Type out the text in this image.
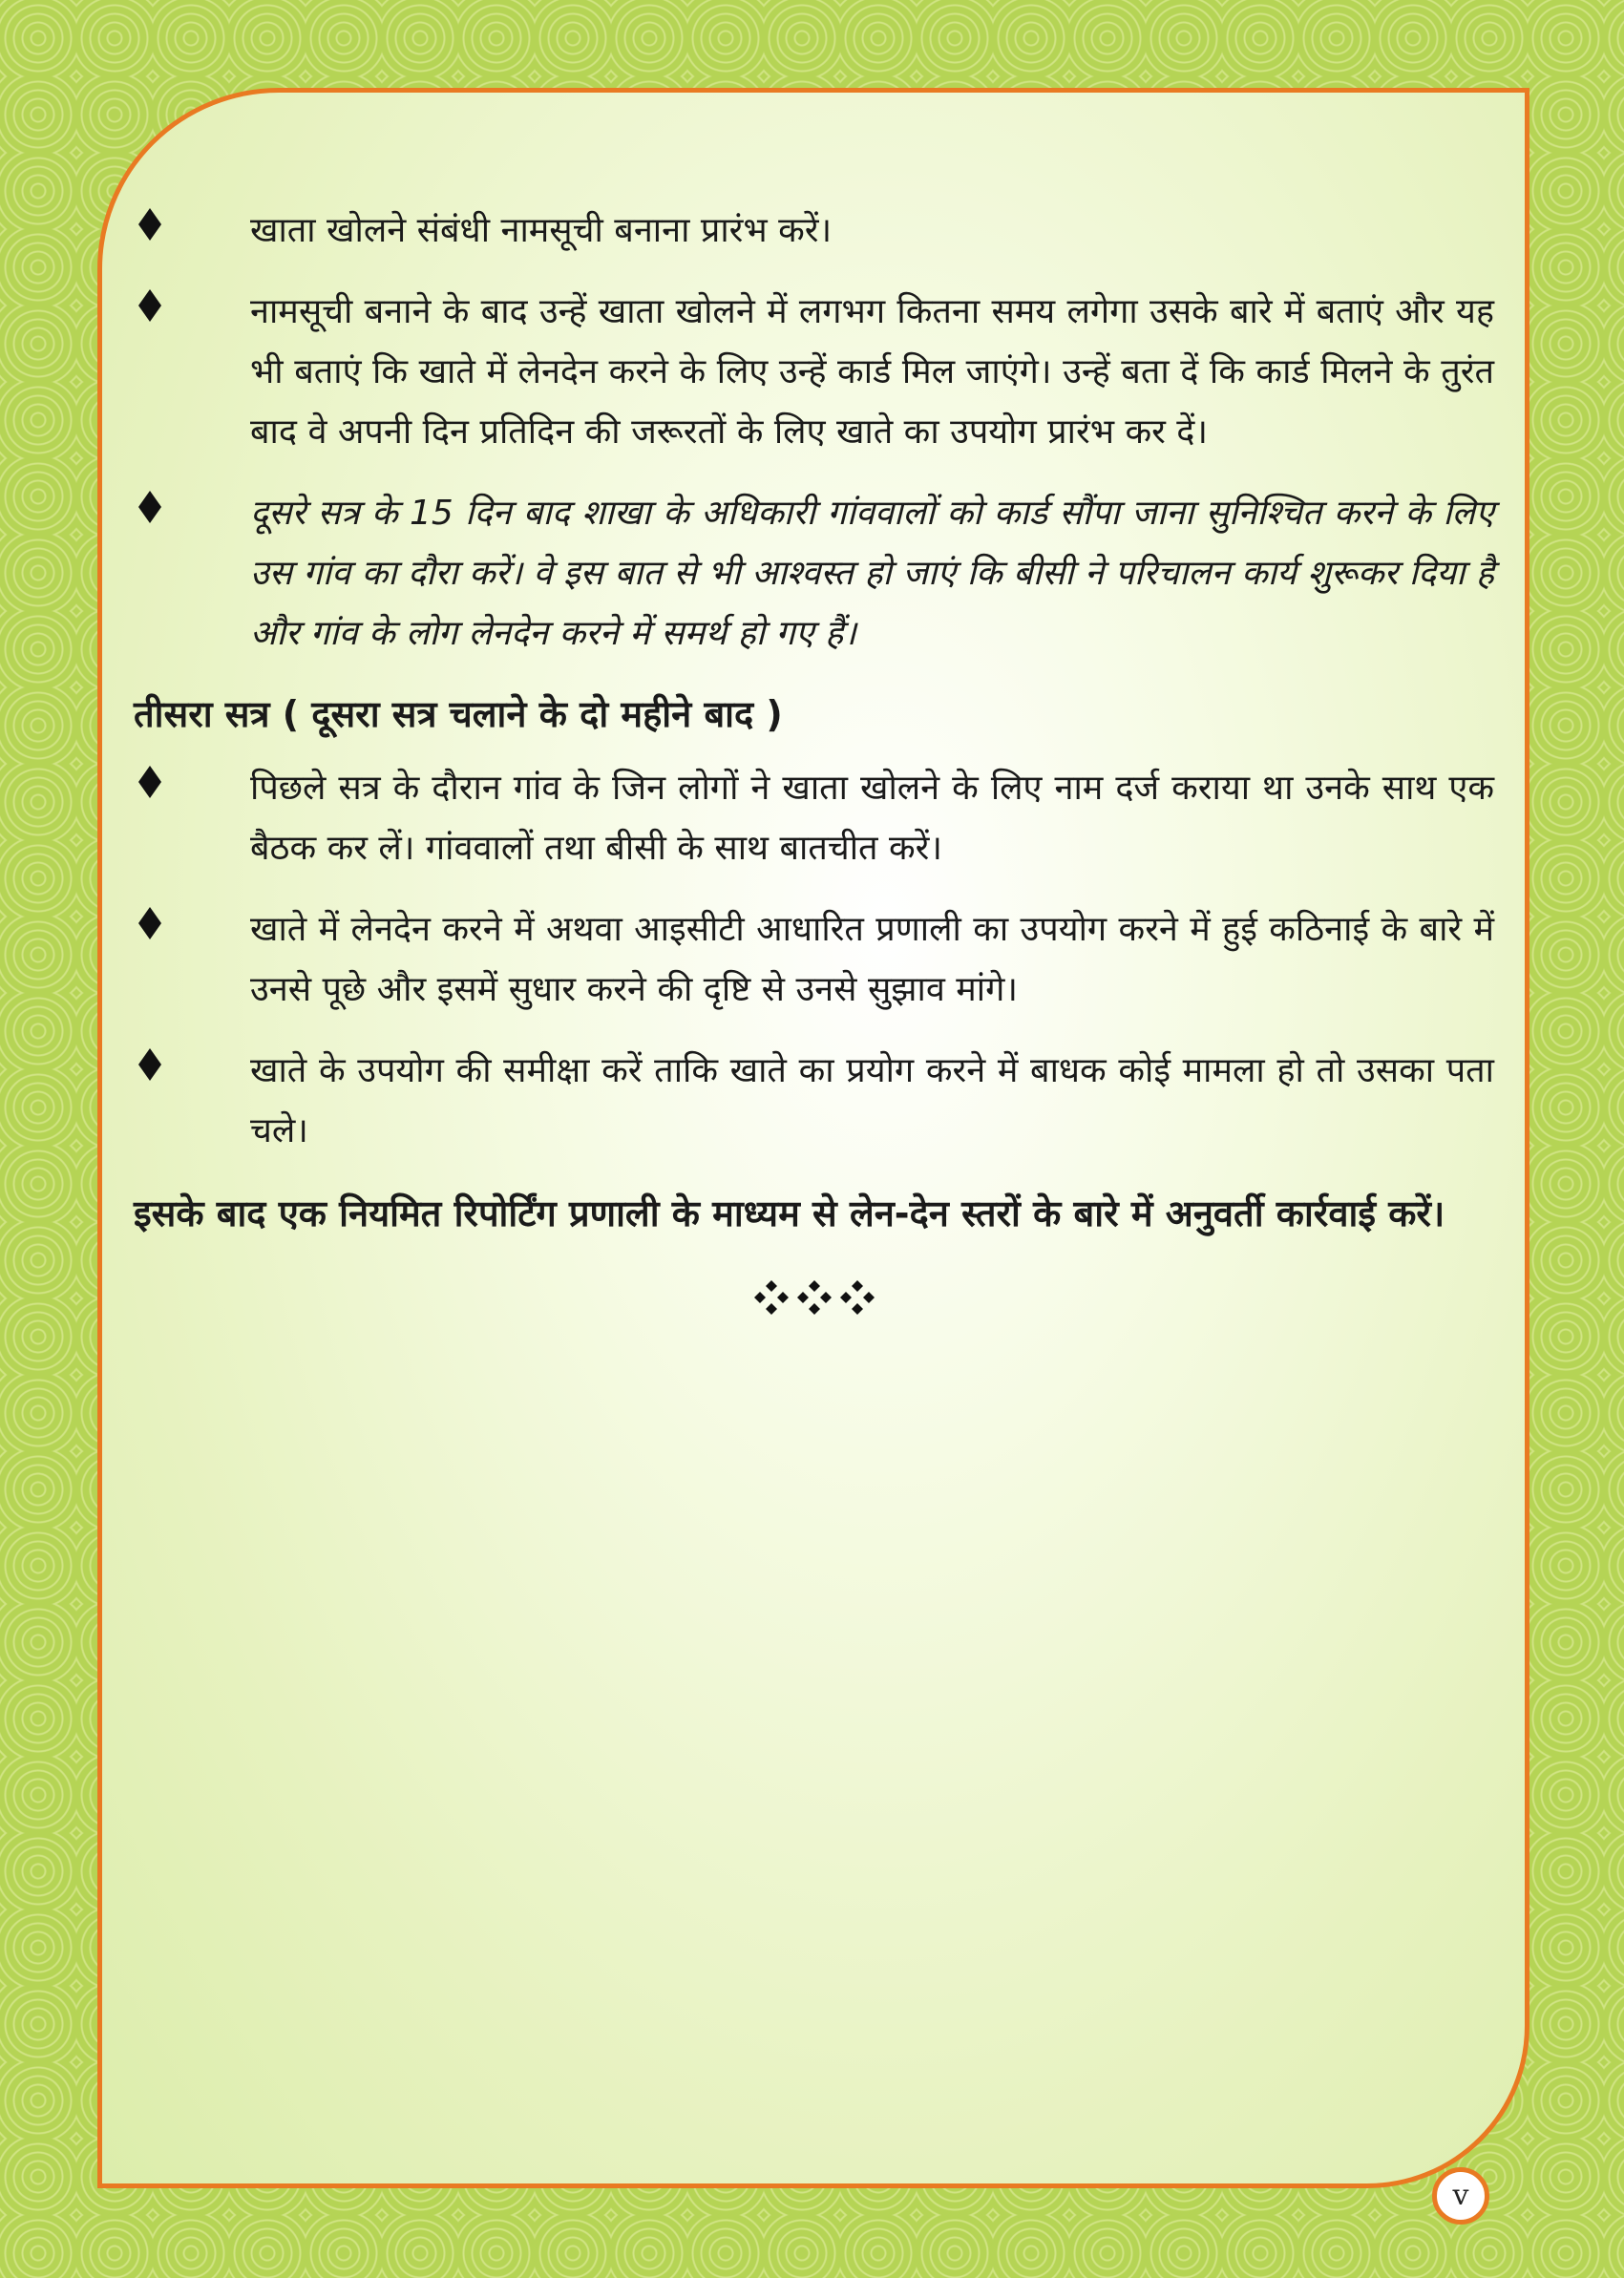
खाता खोलने संबंधी नामसूची बनाना प्रारंभ करें।

नामसूची बनाने के बाद उन्हें खाता खोलने में लगभग कितना समय लगेगा उसके बारे में बताएं और यह भी बताएं कि खाते में लेनदेन करने के लिए उन्हें कार्ड मिल जाएंगे। उन्हें बता दें कि कार्ड मिलने के तुरंत बाद वे अपनी दिन प्रतिदिन की जरूरतों के लिए खाते का उपयोग प्रारंभ कर दें।

दूसरे सत्र के 15 दिन बाद शाखा के अधिकारी गांववालों को कार्ड सौंपा जाना सुनिश्चित करने के लिए उस गांव का दौरा करें। वे इस बात से भी आश्वस्त हो जाएं कि बीसी ने परिचालन कार्य शुरूकर दिया है और गांव के लोग लेनदेन करने में समर्थ हो गए हैं।

तीसरा सत्र ( दूसरा सत्र चलाने के दो महीने बाद )

पिछले सत्र के दौरान गांव के जिन लोगों ने खाता खोलने के लिए नाम दर्ज कराया था उनके साथ एक बैठक कर लें। गांववालों तथा बीसी के साथ बातचीत करें।

खाते में लेनदेन करने में अथवा आइसीटी आधारित प्रणाली का उपयोग करने में हुई कठिनाई के बारे में उनसे पूछे और इसमें सुधार करने की दृष्टि से उनसे सुझाव मांगे।

खाते के उपयोग की समीक्षा करें ताकि खाते का प्रयोग करने में बाधक कोई मामला हो तो उसका पता चले।

इसके बाद एक नियमित रिपोर्टिंग प्रणाली के माध्यम से लेन-देन स्तरों के बारे में अनुवर्ती कार्रवाई करें।

v
